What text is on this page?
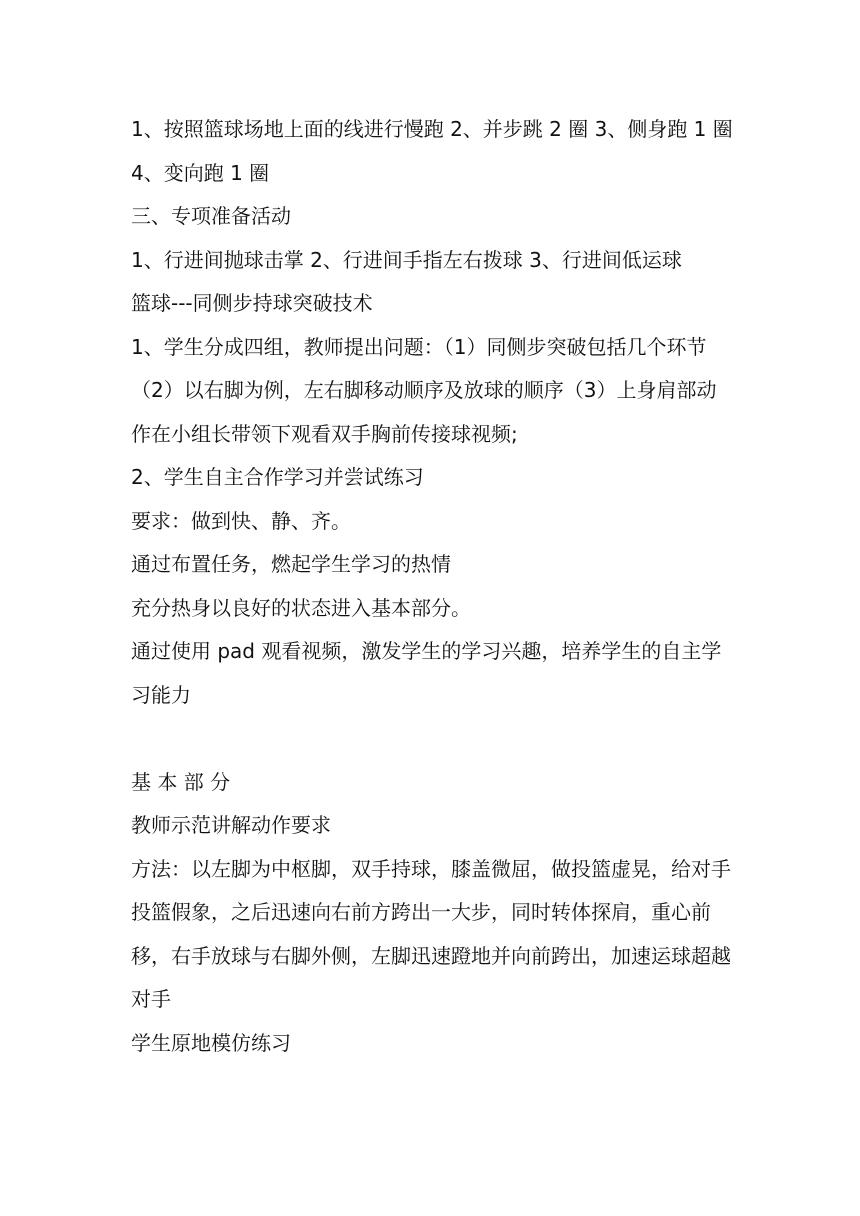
1、按照篮球场地上面的线进行慢跑 2、并步跳 2 圈 3、侧身跑 1 圈 4、变向跑 1 圈

三、专项准备活动

1、行进间抛球击掌 2、行进间手指左右拨球 3、行进间低运球

篮球---同侧步持球突破技术

1、学生分成四组，教师提出问题：（1）同侧步突破包括几个环节（2）以右脚为例，左右脚移动顺序及放球的顺序（3）上身肩部动作在小组长带领下观看双手胸前传接球视频;

2、学生自主合作学习并尝试练习

要求：做到快、静、齐。

通过布置任务，燃起学生学习的热情

充分热身以良好的状态进入基本部分。

通过使用 pad 观看视频，激发学生的学习兴趣，培养学生的自主学习能力

基 本 部 分

教师示范讲解动作要求

方法：以左脚为中枢脚，双手持球，膝盖微屈，做投篮虚晃，给对手投篮假象，之后迅速向右前方跨出一大步，同时转体探肩，重心前移，右手放球与右脚外侧，左脚迅速蹬地并向前跨出，加速运球超越对手

学生原地模仿练习
